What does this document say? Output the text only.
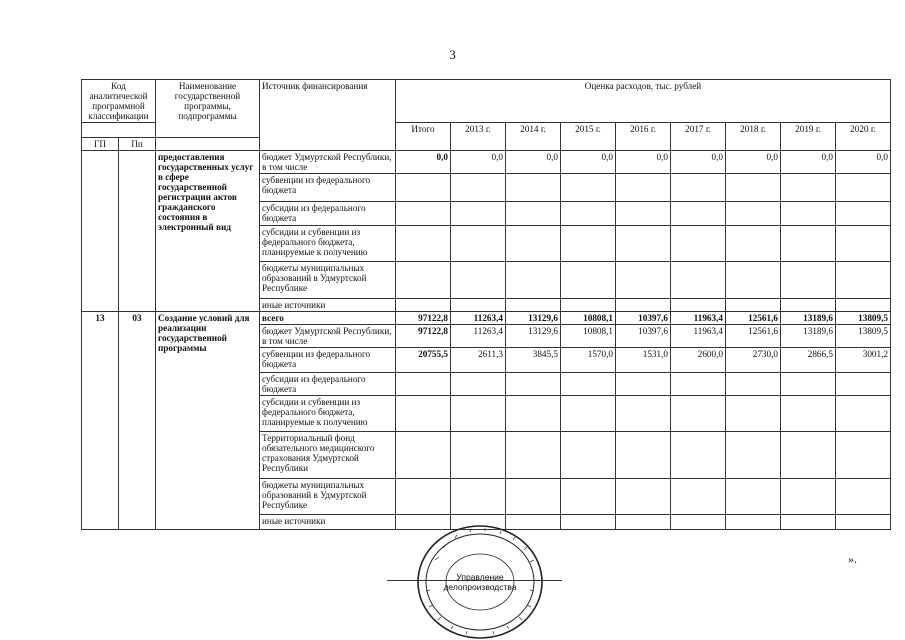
3
Код аналитической программной классификации		Наименование государственной программы, подпрограммы	Источник финансирования	Оценка расходов, тыс. рублей								
				Итого	2013 г.	2014 г.	2015 г.	2016 г.	2017 г.	2018 г.	2019 г.	2020 г.
ГП	Пп											
		предоставления государственных услуг в сфере государственной регистрации актов гражданского состояния в электронный вид	бюджет Удмуртской Республики, в том числе	0,0	0,0	0,0	0,0	0,0	0,0	0,0	0,0	0,0
			субвенции из федерального бюджета									
			субсидии из федерального бюджета									
			субсидии и субвенции из федерального бюджета, планируемые к получению									
			бюджеты муниципальных образований в Удмуртской Республике									
			иные источники									
13	03	Создание условий для реализации государственной программы	всего	97122,8	11263,4	13129,6	10808,1	10397,6	11963,4	12561,6	13189,6	13809,5
			бюджет Удмуртской Республики, в том числе	97122,8	11263,4	13129,6	10808,1	10397,6	11963,4	12561,6	13189,6	13809,5
			субвенции из федерального бюджета	20755,5	2611,3	3845,5	1570,0	1531,0	2600,0	2730,0	2866,5	3001,2
			субсидии из федерального бюджета									
			субсидии и субвенции из федерального бюджета, планируемые к получению									
			Территориальный фонд обязательного медицинского страхования Удмуртской Республики									
			бюджеты муниципальных образований в Удмуртской Республике									
			иные источники									
».
Управление
делопроизводства
